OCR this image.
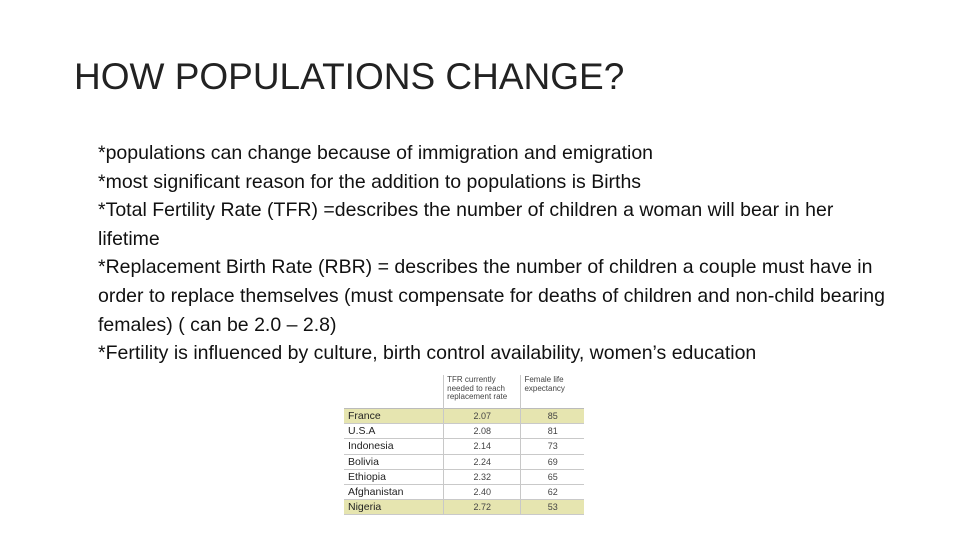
HOW POPULATIONS CHANGE?

*populations can change because of immigration and emigration

*most significant reason for the addition to populations is Births

*Total Fertility Rate (TFR) =describes the number of children a woman will bear in her lifetime

*Replacement Birth Rate (RBR) = describes the number of children a couple must have in order to replace themselves (must compensate for deaths of children and non-child bearing females) ( can be 2.0 – 2.8)

*Fertility is influenced by culture, birth control availability, women’s education

	TFR currently needed to reach replacement rate	Female life expectancy
France	2.07	85
U.S.A	2.08	81
Indonesia	2.14	73
Bolivia	2.24	69
Ethiopia	2.32	65
Afghanistan	2.40	62
Nigeria	2.72	53
